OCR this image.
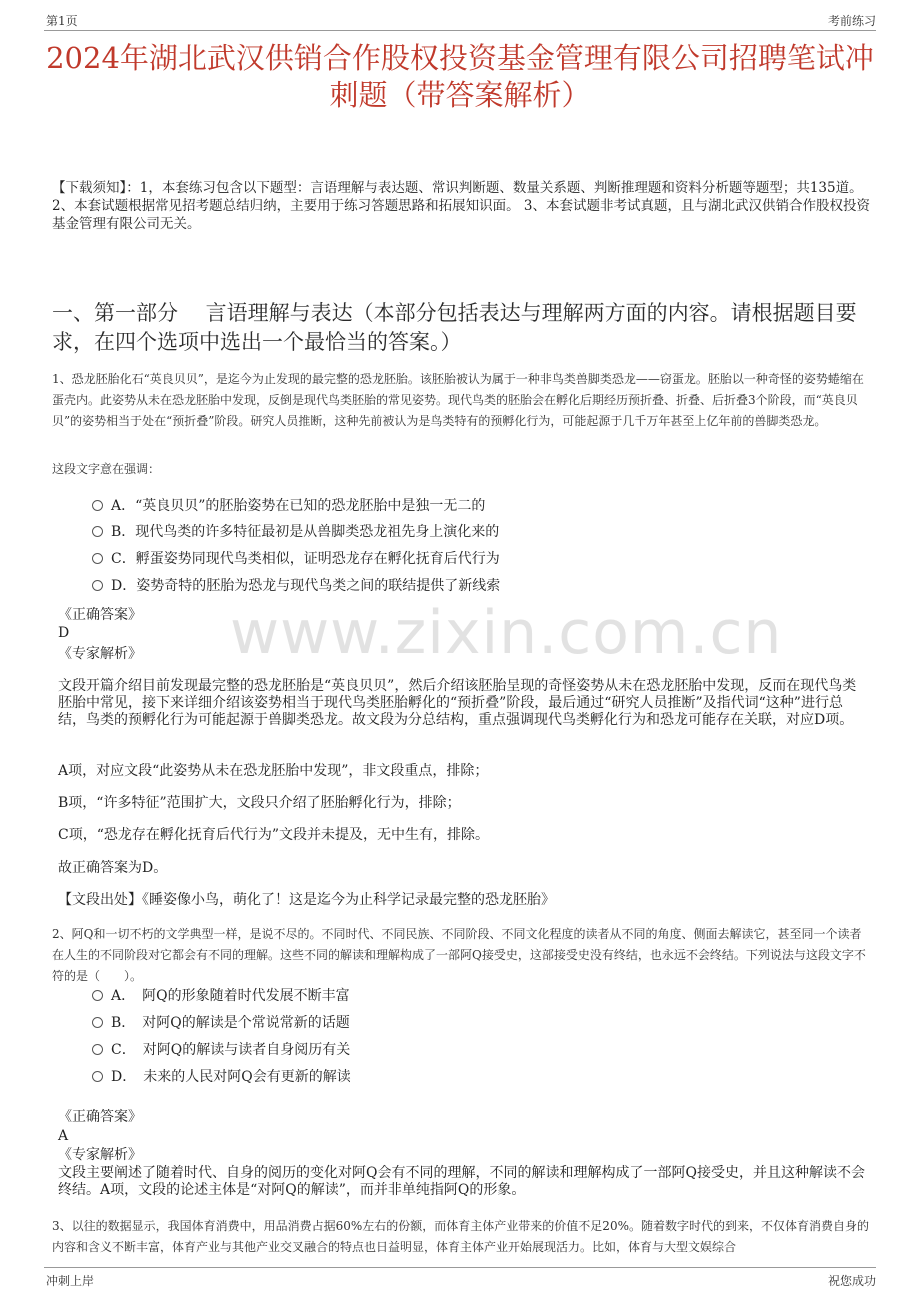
第1页	考前练习
www.zixin.com.cn
2024年湖北武汉供销合作股权投资基金管理有限公司招聘笔试冲刺题（带答案解析）
【下载须知】：1，本套练习包含以下题型：言语理解与表达题、常识判断题、数量关系题、判断推理题和资料分析题等题型；共135道。 2、本套试题根据常见招考题总结归纳，主要用于练习答题思路和拓展知识面。 3、本套试题非考试真题，且与湖北武汉供销合作股权投资基金管理有限公司无关。
一、第一部分　 言语理解与表达（本部分包括表达与理解两方面的内容。请根据题目要求，在四个选项中选出一个最恰当的答案。）
1、恐龙胚胎化石“英良贝贝”，是迄今为止发现的最完整的恐龙胚胎。该胚胎被认为属于一种非鸟类兽脚类恐龙——窃蛋龙。胚胎以一种奇怪的姿势蜷缩在蛋壳内。此姿势从未在恐龙胚胎中发现，反倒是现代鸟类胚胎的常见姿势。现代鸟类的胚胎会在孵化后期经历预折叠、折叠、后折叠3个阶段，而“英良贝贝”的姿势相当于处在“预折叠”阶段。研究人员推断，这种先前被认为是鸟类特有的预孵化行为，可能起源于几千万年甚至上亿年前的兽脚类恐龙。
这段文字意在强调：
A．“英良贝贝”的胚胎姿势在已知的恐龙胚胎中是独一无二的
B．现代鸟类的许多特征最初是从兽脚类恐龙祖先身上演化来的
C．孵蛋姿势同现代鸟类相似，证明恐龙存在孵化抚育后代行为
D．姿势奇特的胚胎为恐龙与现代鸟类之间的联结提供了新线索
《正确答案》
D
《专家解析》
文段开篇介绍目前发现最完整的恐龙胚胎是“英良贝贝”，然后介绍该胚胎呈现的奇怪姿势从未在恐龙胚胎中发现，反而在现代鸟类胚胎中常见，接下来详细介绍该姿势相当于现代鸟类胚胎孵化的“预折叠”阶段，最后通过“研究人员推断”及指代词“这种”进行总结，鸟类的预孵化行为可能起源于兽脚类恐龙。故文段为分总结构，重点强调现代鸟类孵化行为和恐龙可能存在关联，对应D项。
A项，对应文段“此姿势从未在恐龙胚胎中发现”，非文段重点，排除；
B项，“许多特征”范围扩大，文段只介绍了胚胎孵化行为，排除；
C项，“恐龙存在孵化抚育后代行为”文段并未提及，无中生有，排除。
故正确答案为D。
【文段出处】《睡姿像小鸟，萌化了！这是迄今为止科学记录最完整的恐龙胚胎》
2、阿Q和一切不朽的文学典型一样，是说不尽的。不同时代、不同民族、不同阶段、不同文化程度的读者从不同的角度、侧面去解读它，甚至同一个读者在人生的不同阶段对它都会有不同的理解。这些不同的解读和理解构成了一部阿Q接受史，这部接受史没有终结，也永远不会终结。下列说法与这段文字不符的是（　　）。
A．　阿Q的形象随着时代发展不断丰富
B．　对阿Q的解读是个常说常新的话题
C．　对阿Q的解读与读者自身阅历有关
D．　未来的人民对阿Q会有更新的解读
《正确答案》
A
《专家解析》
文段主要阐述了随着时代、自身的阅历的变化对阿Q会有不同的理解，不同的解读和理解构成了一部阿Q接受史，并且这种解读不会终结。A项，文段的论述主体是“对阿Q的解读”，而并非单纯指阿Q的形象。
3、以往的数据显示，我国体育消费中，用品消费占据60%左右的份额，而体育主体产业带来的价值不足20%。随着数字时代的到来，不仅体育消费自身的内容和含义不断丰富，体育产业与其他产业交叉融合的特点也日益明显，体育主体产业开始展现活力。比如，体育与大型文娱综合
冲刺上岸	祝您成功
